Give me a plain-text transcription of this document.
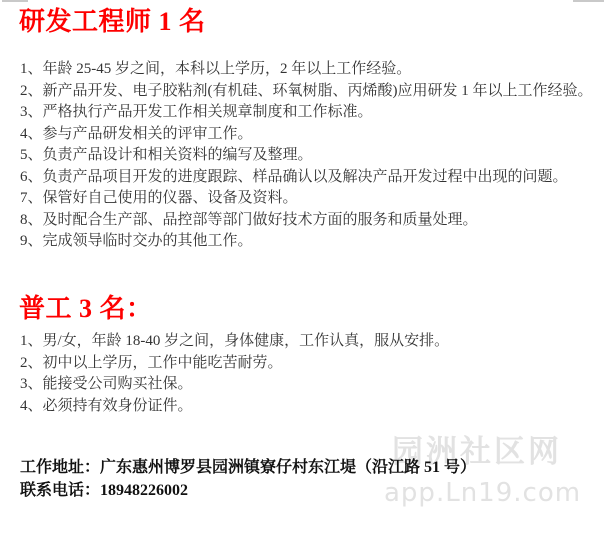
园洲社区网
app.Ln19.com
研发工程师 1 名

1、年龄 25-45 岁之间，本科以上学历，2 年以上工作经验。

2、新产品开发、电子胶粘剂(有机硅、环氧树脂、丙烯酸)应用研发 1 年以上工作经验。

3、严格执行产品开发工作相关规章制度和工作标准。

4、参与产品研发相关的评审工作。

5、负责产品设计和相关资料的编写及整理。

6、负责产品项目开发的进度跟踪、样品确认以及解决产品开发过程中出现的问题。

7、保管好自己使用的仪器、设备及资料。

8、及时配合生产部、品控部等部门做好技术方面的服务和质量处理。

9、完成领导临时交办的其他工作。

普工 3 名：

1、男/女，年龄 18-40 岁之间，身体健康，工作认真，服从安排。

2、初中以上学历，工作中能吃苦耐劳。

3、能接受公司购买社保。

4、必须持有效身份证件。

工作地址：广东惠州博罗县园洲镇寮仔村东江堤（沿江路 51 号）

联系电话：18948226002
